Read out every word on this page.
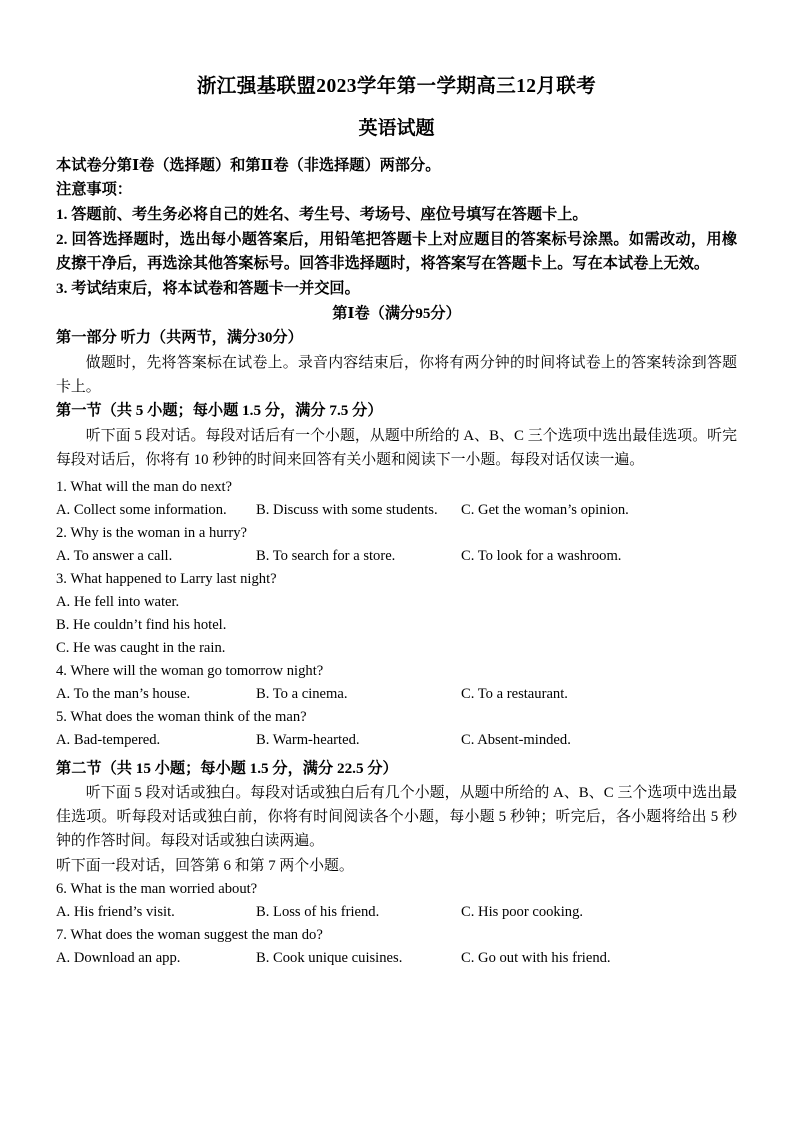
浙江强基联盟2023学年第一学期高三12月联考
英语试题

本试卷分第Ⅰ卷（选择题）和第Ⅱ卷（非选择题）两部分。

注意事项：

1. 答题前、考生务必将自己的姓名、考生号、考场号、座位号填写在答题卡上。

2. 回答选择题时，选出每小题答案后，用铅笔把答题卡上对应题目的答案标号涂黑。如需改动，用橡皮擦干净后，再选涂其他答案标号。回答非选择题时，将答案写在答题卡上。写在本试卷上无效。

3. 考试结束后，将本试卷和答题卡一并交回。

第Ⅰ卷（满分95分）

第一部分 听力（共两节，满分30分）

做题时，先将答案标在试卷上。录音内容结束后，你将有两分钟的时间将试卷上的答案转涂到答题卡上。

第一节（共 5 小题；每小题 1.5 分，满分 7.5 分）

听下面 5 段对话。每段对话后有一个小题，从题中所给的 A、B、C 三个选项中选出最佳选项。听完每段对话后，你将有 10 秒钟的时间来回答有关小题和阅读下一小题。每段对话仅读一遍。

1. What will the man do next?

A. Collect some information. B. Discuss with some students. C. Get the woman’s opinion.

2. Why is the woman in a hurry?

A. To answer a call.	B. To search for a store.	C. To look for a washroom.

3. What happened to Larry last night?

A. He fell into water.

B. He couldn’t find his hotel.

C. He was caught in the rain.

4. Where will the woman go tomorrow night?

A. To the man’s house.	B. To a cinema.	C. To a restaurant.

5. What does the woman think of the man?

A. Bad-tempered.	B. Warm-hearted.	C. Absent-minded.

第二节（共 15 小题；每小题 1.5 分，满分 22.5 分）

听下面 5 段对话或独白。每段对话或独白后有几个小题，从题中所给的 A、B、C 三个选项中选出最佳选项。听每段对话或独白前，你将有时间阅读各个小题，每小题 5 秒钟；听完后，各小题将给出 5 秒钟的作答时间。每段对话或独白读两遍。

听下面一段对话，回答第 6 和第 7 两个小题。

6. What is the man worried about?

A. His friend’s visit.	B. Loss of his friend.	C. His poor cooking.

7. What does the woman suggest the man do?

A. Download an app.	B. Cook unique cuisines.	C. Go out with his friend.
